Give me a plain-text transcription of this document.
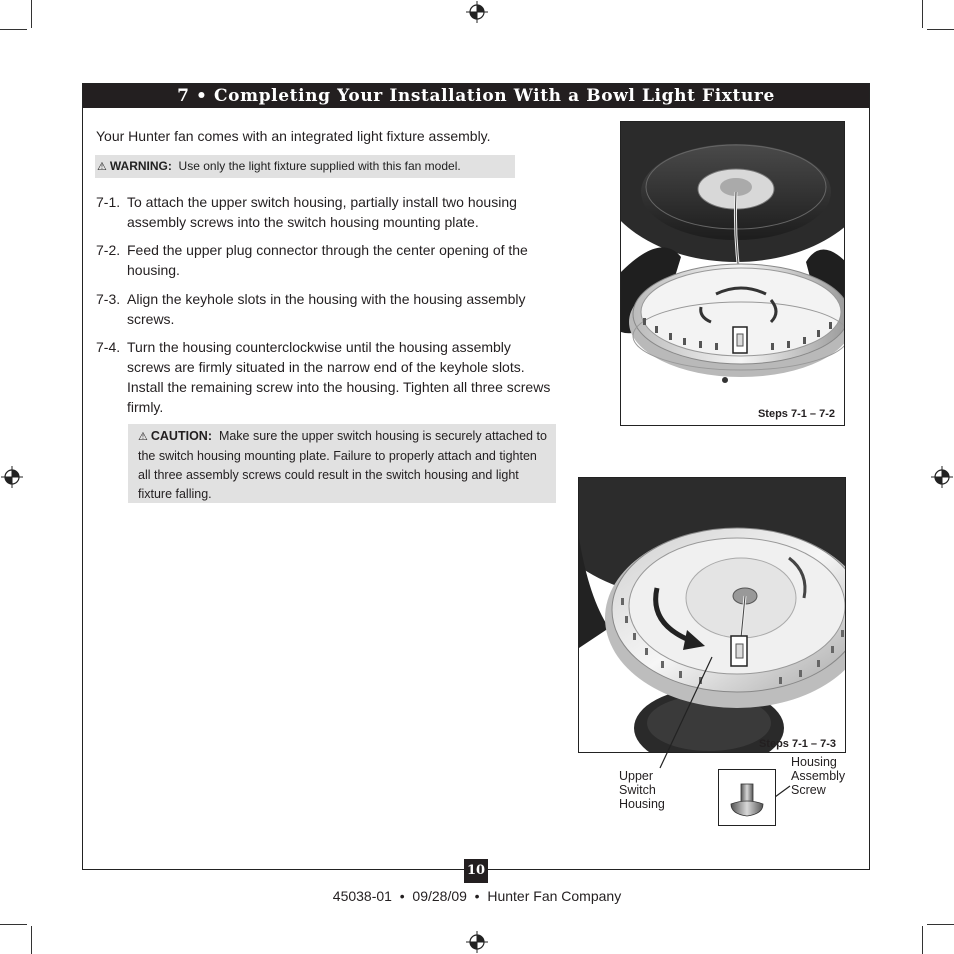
7 • Completing Your Installation With a Bowl Light Fixture
Your Hunter fan comes with an integrated light fixture assembly.
⚠ WARNING: Use only the light fixture supplied with this fan model.
7-1. To attach the upper switch housing, partially install two housing assembly screws into the switch housing mounting plate.
7-2. Feed the upper plug connector through the center opening of the housing.
7-3. Align the keyhole slots in the housing with the housing assembly screws.
7-4. Turn the housing counterclockwise until the housing assembly screws are firmly situated in the narrow end of the keyhole slots. Install the remaining screw into the housing. Tighten all three screws firmly.
⚠ CAUTION: Make sure the upper switch housing is securely attached to the switch housing mounting plate. Failure to properly attach and tighten all three assembly screws could result in the switch housing and light fixture falling.
Steps 7-1 – 7-2
Steps 7-1 – 7-3
Upper
Switch
Housing
Housing
Assembly
Screw
10
45038-01  •  09/28/09  •  Hunter Fan Company
